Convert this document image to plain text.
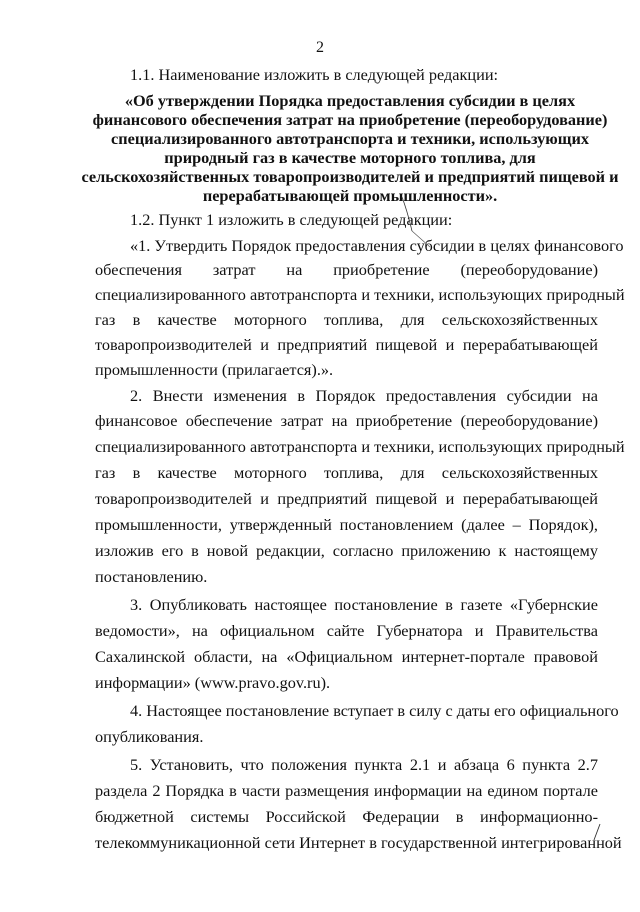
2

1.1. Наименование изложить в следующей редакции:

«Об утверждении Порядка предоставления субсидии в целях

финансового обеспечения затрат на приобретение (переоборудование)

специализированного автотранспорта и техники, использующих

природный газ в качестве моторного топлива, для

сельскохозяйственных товаропроизводителей и предприятий пищевой и

перерабатывающей промышленности».

1.2. Пункт 1 изложить в следующей редакции:

«1. Утвердить Порядок предоставления субсидии в целях финансового

обеспечения затрат на приобретение (переоборудование)

специализированного автотранспорта и техники, использующих природный

газ в качестве моторного топлива, для сельскохозяйственных

товаропроизводителей и предприятий пищевой и перерабатывающей

промышленности (прилагается).».

2. Внести изменения в Порядок предоставления субсидии на

финансовое обеспечение затрат на приобретение (переоборудование)

специализированного автотранспорта и техники, использующих природный

газ в качестве моторного топлива, для сельскохозяйственных

товаропроизводителей и предприятий пищевой и перерабатывающей

промышленности, утвержденный постановлением (далее – Порядок),

изложив его в новой редакции, согласно приложению к настоящему

постановлению.

3. Опубликовать настоящее постановление в газете «Губернские

ведомости», на официальном сайте Губернатора и Правительства

Сахалинской области, на «Официальном интернет-портале правовой

информации» (www.pravo.gov.ru).

4. Настоящее постановление вступает в силу с даты его официального

опубликования.

5. Установить, что положения пункта 2.1 и абзаца 6 пункта 2.7

раздела 2 Порядка в части размещения информации на едином портале

бюджетной системы Российской Федерации в информационно-

телекоммуникационной сети Интернет в государственной интегрированной
